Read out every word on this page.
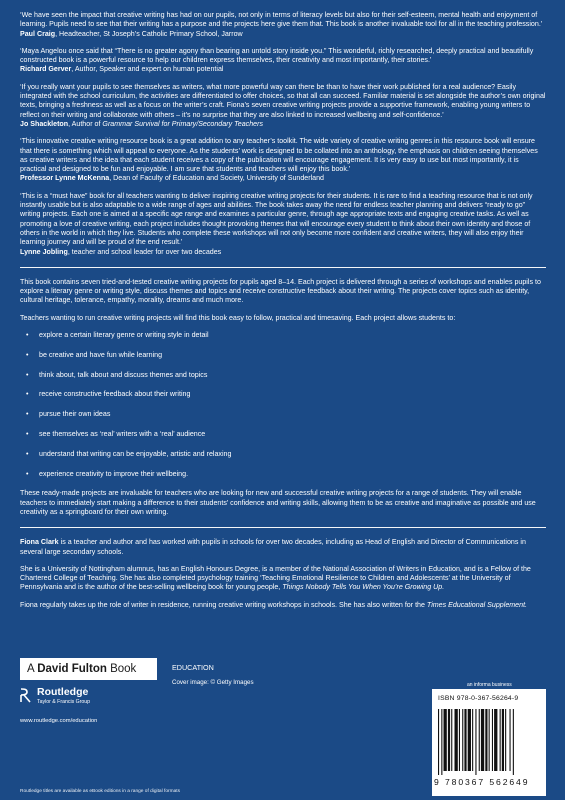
‘We have seen the impact that creative writing has had on our pupils, not only in terms of literacy levels but also for their self-esteem, mental health and enjoyment of learning. Pupils need to see that their writing has a purpose and the projects here give them that. This book is another invaluable tool for all in the teaching profession.’

Paul Craig, Headteacher, St Joseph’s Catholic Primary School, Jarrow

‘Maya Angelou once said that “There is no greater agony than bearing an untold story inside you.” This wonderful, richly researched, deeply practical and beautifully constructed book is a powerful resource to help our children express themselves, their creativity and most importantly, their stories.’

Richard Gerver, Author, Speaker and expert on human potential

‘If you really want your pupils to see themselves as writers, what more powerful way can there be than to have their work published for a real audience? Easily integrated with the school curriculum, the activities are differentiated to offer choices, so that all can succeed. Familiar material is set alongside the author’s own original texts, bringing a freshness as well as a focus on the writer’s craft. Fiona’s seven creative writing projects provide a supportive framework, enabling young writers to reflect on their writing and collaborate with others – it’s no surprise that they are also linked to increased wellbeing and self-confidence.’

Jo Shackleton, Author of Grammar Survival for Primary/Secondary Teachers

‘This innovative creative writing resource book is a great addition to any teacher’s toolkit. The wide variety of creative writing genres in this resource book will ensure that there is something which will appeal to everyone. As the students’ work is designed to be collated into an anthology, the emphasis on children seeing themselves as creative writers and the idea that each student receives a copy of the publication will encourage engagement. It is very easy to use but most importantly, it is practical and designed to be fun and enjoyable. I am sure that students and teachers will enjoy this book.’

Professor Lynne McKenna, Dean of Faculty of Education and Society, University of Sunderland

‘This is a “must have” book for all teachers wanting to deliver inspiring creative writing projects for their students. It is rare to find a teaching resource that is not only instantly usable but is also adaptable to a wide range of ages and abilities. The book takes away the need for endless teacher planning and delivers “ready to go” writing projects. Each one is aimed at a specific age range and examines a particular genre, through age appropriate texts and engaging creative tasks. As well as promoting a love of creative writing, each project includes thought provoking themes that will encourage every student to think about their own identity and those of others in the world in which they live. Students who complete these workshops will not only become more confident and creative writers, they will also enjoy their learning journey and will be proud of the end result.’

Lynne Jobling, teacher and school leader for over two decades

This book contains seven tried-and-tested creative writing projects for pupils aged 8–14. Each project is delivered through a series of workshops and enables pupils to explore a literary genre or writing style, discuss themes and topics and receive constructive feedback about their writing. The projects cover topics such as identity, cultural heritage, tolerance, empathy, morality, dreams and much more.

Teachers wanting to run creative writing projects will find this book easy to follow, practical and timesaving. Each project allows students to:

• explore a certain literary genre or writing style in detail
• be creative and have fun while learning
• think about, talk about and discuss themes and topics
• receive constructive feedback about their writing
• pursue their own ideas
• see themselves as ‘real’ writers with a ‘real’ audience
• understand that writing can be enjoyable, artistic and relaxing
• experience creativity to improve their wellbeing.

These ready-made projects are invaluable for teachers who are looking for new and successful creative writing projects for a range of students. They will enable teachers to immediately start making a difference to their students’ confidence and writing skills, allowing them to be as creative and imaginative as possible and use creativity as a springboard for their own writing.

Fiona Clark is a teacher and author and has worked with pupils in schools for over two decades, including as Head of English and Director of Communications in several large secondary schools.

She is a University of Nottingham alumnus, has an English Honours Degree, is a member of the National Association of Writers in Education, and is a Fellow of the Chartered College of Teaching. She has also completed psychology training ‘Teaching Emotional Resilience to Children and Adolescents’ at the University of Pennsylvania and is the author of the best-selling wellbeing book for young people, Things Nobody Tells You When You’re Growing Up.

Fiona regularly takes up the role of writer in residence, running creative writing workshops in schools. She has also written for the Times Educational Supplement.

A David Fulton Book
Routledge
Taylor & Francis Group
www.routledge.com/education
Routledge titles are available as eBook editions in a range of digital formats
EDUCATION
Cover image: © Getty Images	an informa business
ISBN 978-0-367-56264-9
9 780367 562649
